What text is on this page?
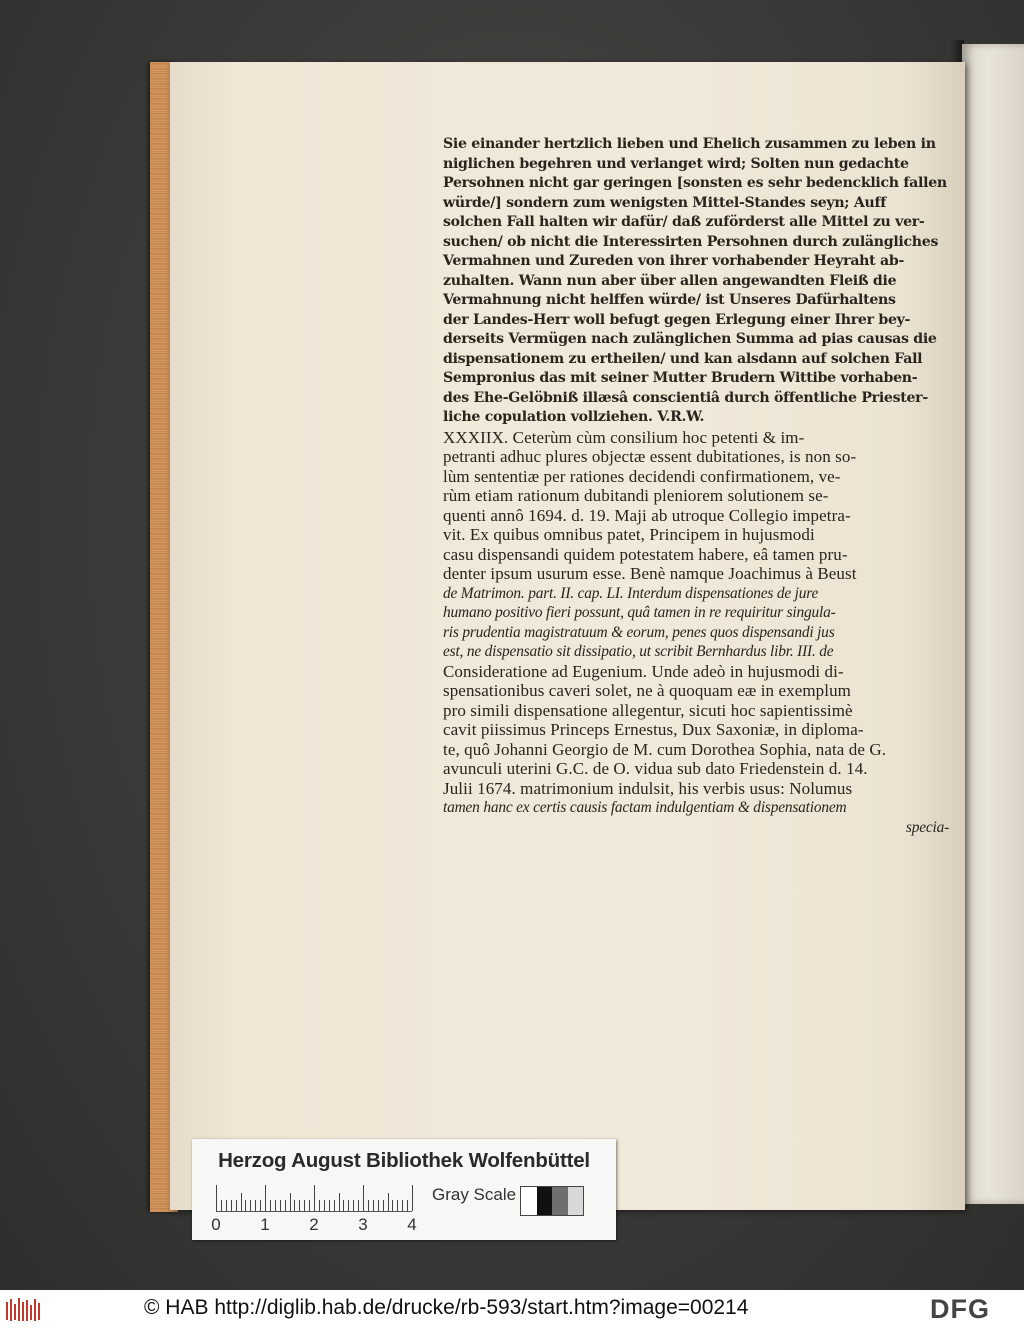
Sie einander hertzlich lieben und Ehelich zusammen zu leben in
niglichen begehren und verlanget wird; Solten nun gedachte
Persohnen nicht gar geringen [sonsten es sehr bedencklich fallen
würde/] sondern zum wenigsten Mittel-Standes seyn; Auff
solchen Fall halten wir dafür/ daß zuförderst alle Mittel zu ver-
suchen/ ob nicht die Interessirten Persohnen durch zulängliches
Vermahnen und Zureden von ihrer vorhabender Heyraht ab-
zuhalten. Wann nun aber über allen angewandten Fleiß die
Vermahnung nicht helffen würde/ ist Unseres Dafürhaltens
der Landes-Herr woll befugt gegen Erlegung einer Ihrer bey-
derseits Vermügen nach zulänglichen Summa ad pias causas die
dispensationem zu ertheilen/ und kan alsdann auf solchen Fall
Sempronius das mit seiner Mutter Brudern Wittibe vorhaben-
des Ehe-Gelöbniß illæsâ conscientiâ durch öffentliche Priester-
liche copulation vollziehen. V.R.W.
XXXIIX. Ceterùm cùm consilium hoc petenti & im-
petranti adhuc plures objectæ essent dubitationes, is non so-
lùm sententiæ per rationes decidendi confirmationem, ve-
rùm etiam rationum dubitandi pleniorem solutionem se-
quenti annô 1694. d. 19. Maji ab utroque Collegio impetra-
vit. Ex quibus omnibus patet, Principem in hujusmodi
casu dispensandi quidem potestatem habere, eâ tamen pru-
denter ipsum usurum esse. Benè namque Joachimus à Beust
de Matrimon. part. II. cap. LI. Interdum dispensationes de jure
humano positivo fieri possunt, quâ tamen in re requiritur singula-
ris prudentia magistratuum & eorum, penes quos dispensandi jus
est, ne dispensatio sit dissipatio, ut scribit Bernhardus libr. III. de
Consideratione ad Eugenium. Unde adeò in hujusmodi di-
spensationibus caveri solet, ne à quoquam eæ in exemplum
pro simili dispensatione allegentur, sicuti hoc sapientissimè
cavit piissimus Princeps Ernestus, Dux Saxoniæ, in diploma-
te, quô Johanni Georgio de M. cum Dorothea Sophia, nata de G.
avunculi uterini G.C. de O. vidua sub dato Friedenstein d. 14.
Julii 1674. matrimonium indulsit, his verbis usus: Nolumus
tamen hanc ex certis causis factam indulgentiam & dispensationem
specia-
Herzog August Bibliothek Wolfenbüttel
0	1	2	3	4
Gray Scale
© HAB http://diglib.hab.de/drucke/rb-593/start.htm?image=00214	DFG
